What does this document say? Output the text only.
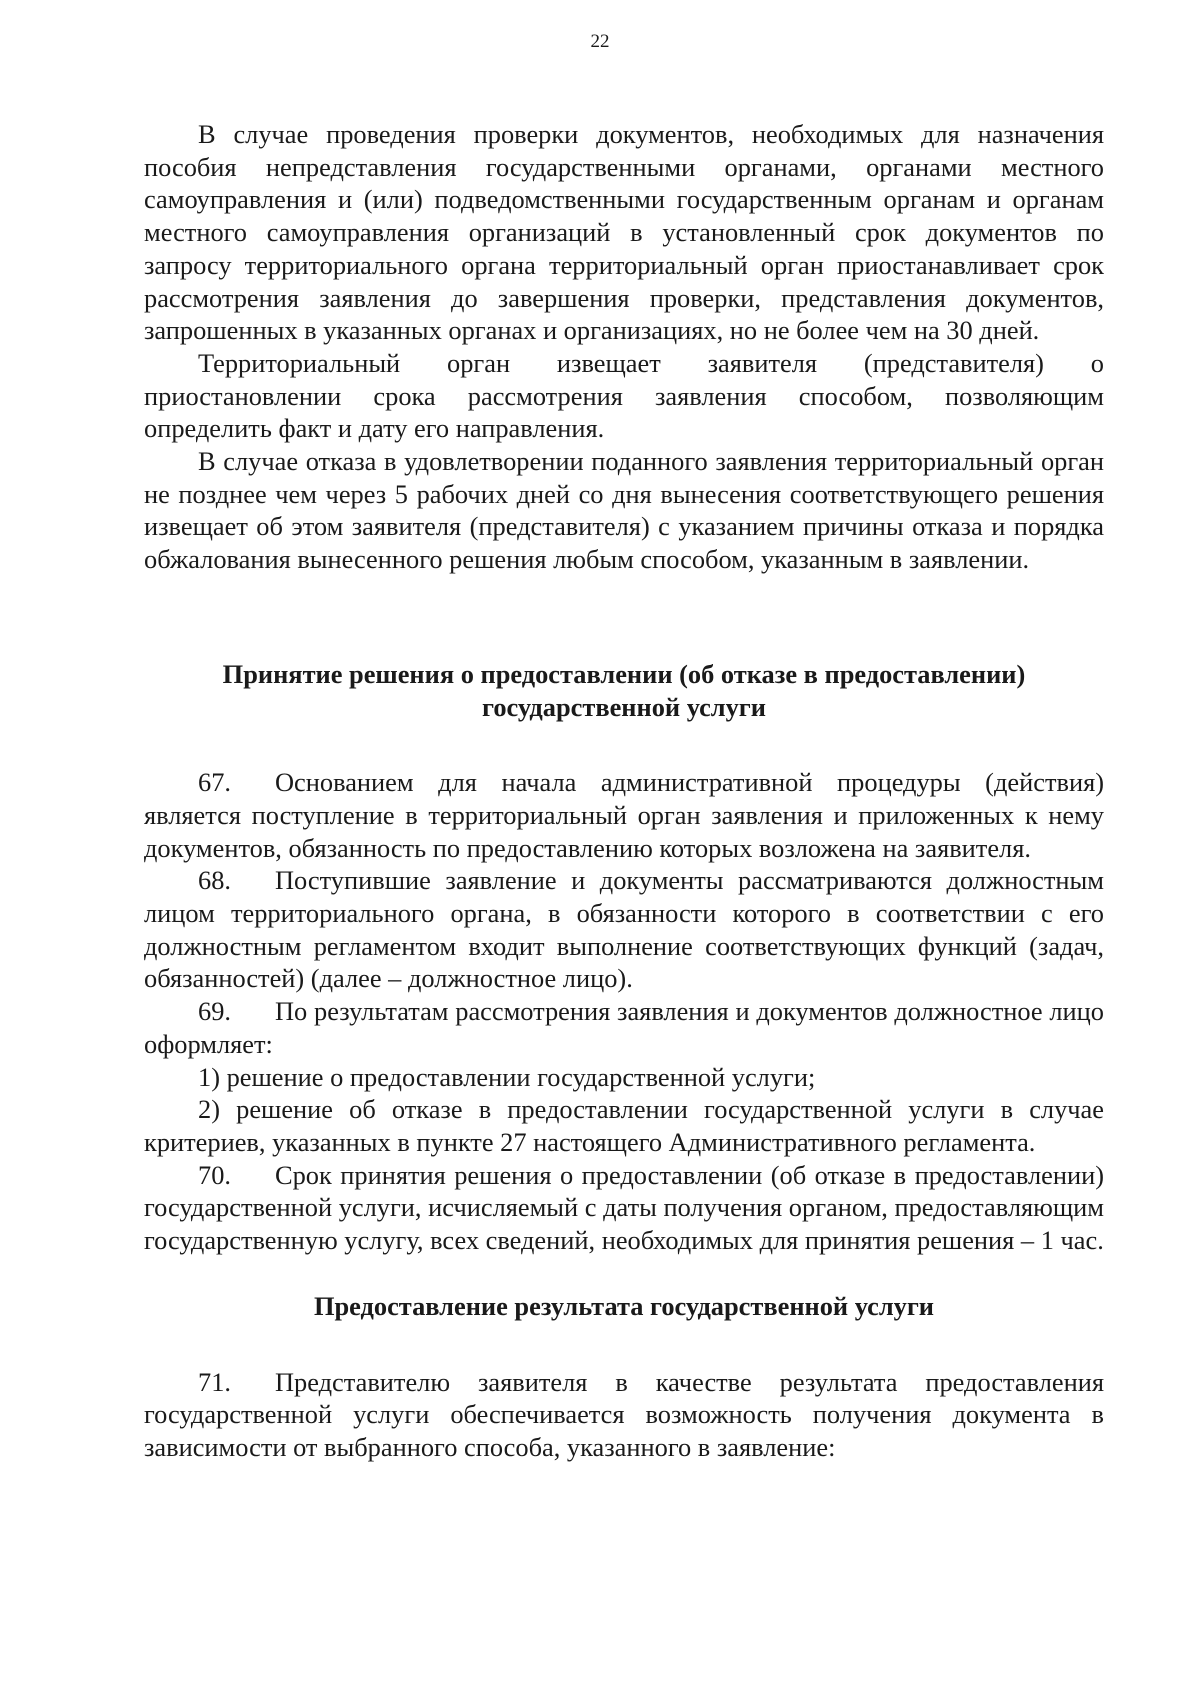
22

В случае проведения проверки документов, необходимых для назначения пособия непредставления государственными органами, органами местного самоуправления и (или) подведомственными государственным органам и органам местного самоуправления организаций в установленный срок документов по запросу территориального органа территориальный орган приостанавливает срок рассмотрения заявления до завершения проверки, представления документов, запрошенных в указанных органах и организациях, но не более чем на 30 дней.

Территориальный орган извещает заявителя (представителя) о приостановлении срока рассмотрения заявления способом, позволяющим определить факт и дату его направления.

В случае отказа в удовлетворении поданного заявления территориальный орган не позднее чем через 5 рабочих дней со дня вынесения соответствующего решения извещает об этом заявителя (представителя) с указанием причины отказа и порядка обжалования вынесенного решения любым способом, указанным в заявлении.

Принятие решения о предоставлении (об отказе в предоставлении)
государственной услуги

67. Основанием для начала административной процедуры (действия) является поступление в территориальный орган заявления и приложенных к нему документов, обязанность по предоставлению которых возложена на заявителя.

68. Поступившие заявление и документы рассматриваются должностным лицом территориального органа, в обязанности которого в соответствии с его должностным регламентом входит выполнение соответствующих функций (задач, обязанностей) (далее – должностное лицо).

69. По результатам рассмотрения заявления и документов должностное лицо оформляет:

1) решение о предоставлении государственной услуги;

2) решение об отказе в предоставлении государственной услуги в случае критериев, указанных в пункте 27 настоящего Административного регламента.

70. Срок принятия решения о предоставлении (об отказе в предоставлении) государственной услуги, исчисляемый с даты получения органом, предоставляющим государственную услугу, всех сведений, необходимых для принятия решения – 1 час.

Предоставление результата государственной услуги

71. Представителю заявителя в качестве результата предоставления государственной услуги обеспечивается возможность получения документа в зависимости от выбранного способа, указанного в заявление:
